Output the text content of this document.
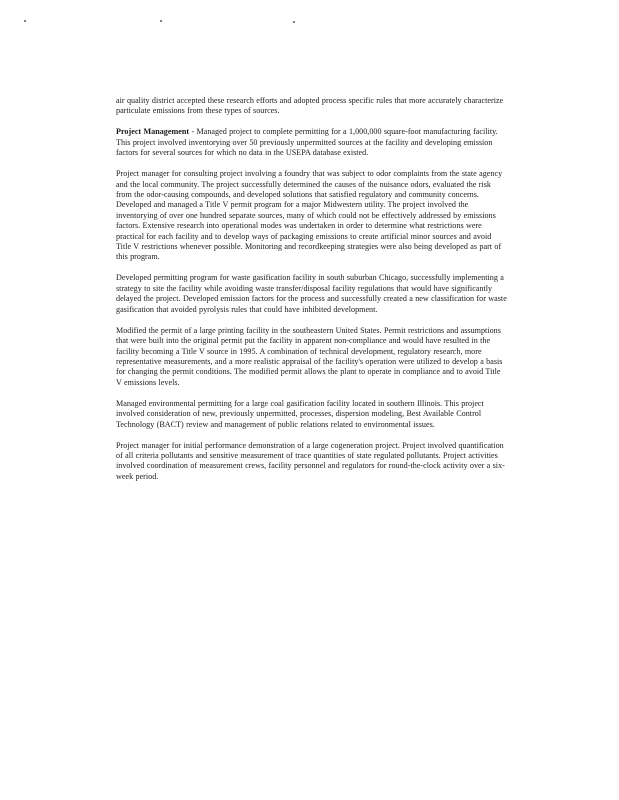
air quality district accepted these research efforts and adopted process specific rules that more accurately characterize particulate emissions from these types of sources.

Project Management - Managed project to complete permitting for a 1,000,000 square-foot manufacturing facility. This project involved inventorying over 50 previously unpermitted sources at the facility and developing emission factors for several sources for which no data in the USEPA database existed.

Project manager for consulting project involving a foundry that was subject to odor complaints from the state agency and the local community. The project successfully determined the causes of the nuisance odors, evaluated the risk from the odor-causing compounds, and developed solutions that satisfied regulatory and community concerns.

Developed and managed a Title V permit program for a major Midwestern utility. The project involved the inventorying of over one hundred separate sources, many of which could not be effectively addressed by emissions factors. Extensive research into operational modes was undertaken in order to determine what restrictions were practical for each facility and to develop ways of packaging emissions to create artificial minor sources and avoid Title V restrictions whenever possible. Monitoring and recordkeeping strategies were also being developed as part of this program.

Developed permitting program for waste gasification facility in south suburban Chicago, successfully implementing a strategy to site the facility while avoiding waste transfer/disposal facility regulations that would have significantly delayed the project. Developed emission factors for the process and successfully created a new classification for waste gasification that avoided pyrolysis rules that could have inhibited development.

Modified the permit of a large printing facility in the southeastern United States. Permit restrictions and assumptions that were built into the original permit put the facility in apparent non-compliance and would have resulted in the facility becoming a Title V source in 1995. A combination of technical development, regulatory research, more representative measurements, and a more realistic appraisal of the facility's operation were utilized to develop a basis for changing the permit conditions. The modified permit allows the plant to operate in compliance and to avoid Title V emissions levels.

Managed environmental permitting for a large coal gasification facility located in southern Illinois. This project involved consideration of new, previously unpermitted, processes, dispersion modeling, Best Available Control Technology (BACT) review and management of public relations related to environmental issues.

Project manager for initial performance demonstration of a large cogeneration project. Project involved quantification of all criteria pollutants and sensitive measurement of trace quantities of state regulated pollutants. Project activities involved coordination of measurement crews, facility personnel and regulators for round-the-clock activity over a six-week period.
